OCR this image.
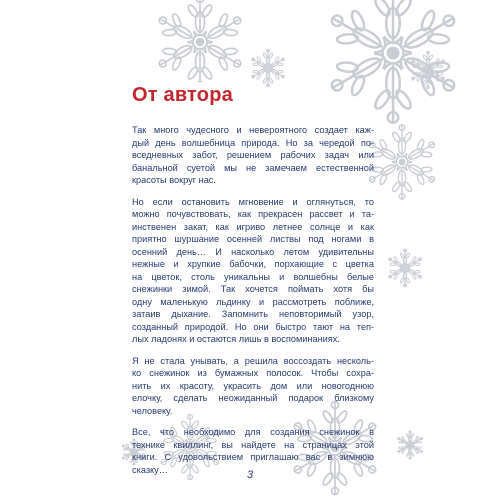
От автора

Так много чудесного и невероятного создает каж-
дый день волшебница природа. Но за чередой по-
вседневных забот, решением рабочих задач или
банальной суетой мы не замечаем естественной
красоты вокруг нас.

Но если остановить мгновение и оглянуться, то
можно почувствовать, как прекрасен рассвет и та-
инственен закат, как игриво летнее солнце и как
приятно шуршание осенней листвы под ногами в
осенний день… И насколько летом удивительны
нежные и хрупкие бабочки, порхающие с цветка
на цветок, столь уникальны и волшебны белые
снежинки зимой. Так хочется поймать хотя бы
одну маленькую льдинку и рассмотреть поближе,
затаив дыхание. Запомнить неповторимый узор,
созданный природой. Но они быстро тают на теп-
лых ладонях и остаются лишь в воспоминаниях.

Я не стала унывать, а решила воссоздать несколь-
ко снежинок из бумажных полосок. Чтобы сохра-
нить их красоту, украсить дом или новогоднюю
елочку, сделать неожиданный подарок близкому
человеку.

Все, что необходимо для создания снежинок в
технике квиллинг, вы найдете на страницах этой
книги. С удовольствием приглашаю вас в зимнюю
сказку…	3
